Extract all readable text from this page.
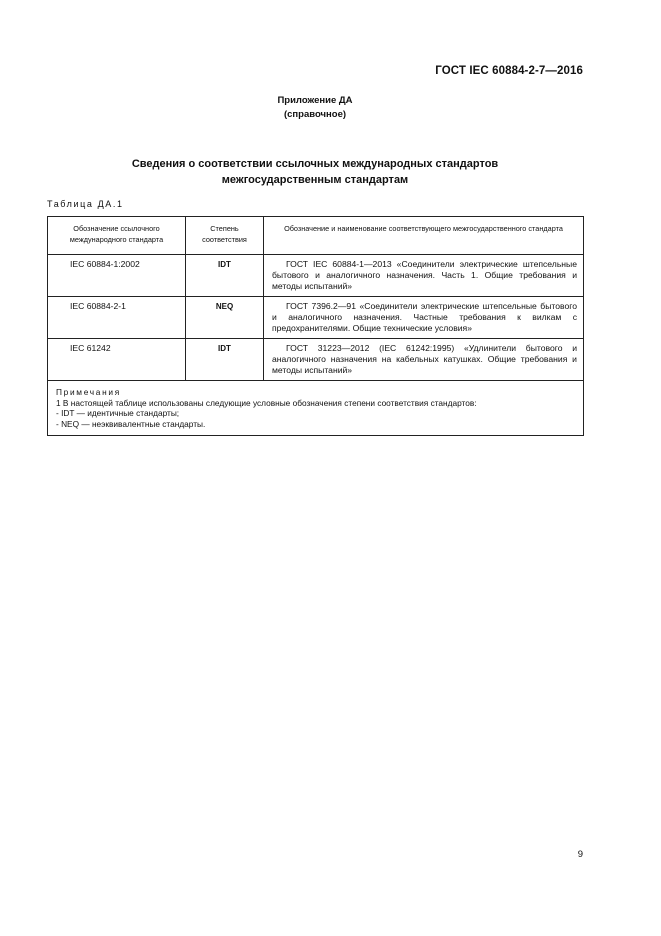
ГОСТ IEC 60884-2-7—2016
Приложение ДА
(справочное)
Сведения о соответствии ссылочных международных стандартов
межгосударственным стандартам
Таблица ДА.1
Обозначение ссылочного международного стандарта	Степень соответствия	Обозначение и наименование соответствующего межгосударственного стандарта
IEC 60884-1:2002	IDT	ГОСТ IEC 60884-1—2013 «Соединители электрические штепсельные бытового и аналогичного назначения. Часть 1. Общие требования и методы испытаний»
IEC 60884-2-1	NEQ	ГОСТ 7396.2—91 «Соединители электрические штепсельные бытового и аналогичного назначения. Частные требования к вилкам с предохранителями. Общие технические условия»
IEC 61242	IDT	ГОСТ 31223—2012 (IEC 61242:1995) «Удлинители бытового и аналогичного назначения на кабельных катушках. Общие требования и методы испытаний»

Примечания
1 В настоящей таблице использованы следующие условные обозначения степени соответствия стандартов:
- IDT — идентичные стандарты;
- NEQ — неэквивалентные стандарты.		
9
